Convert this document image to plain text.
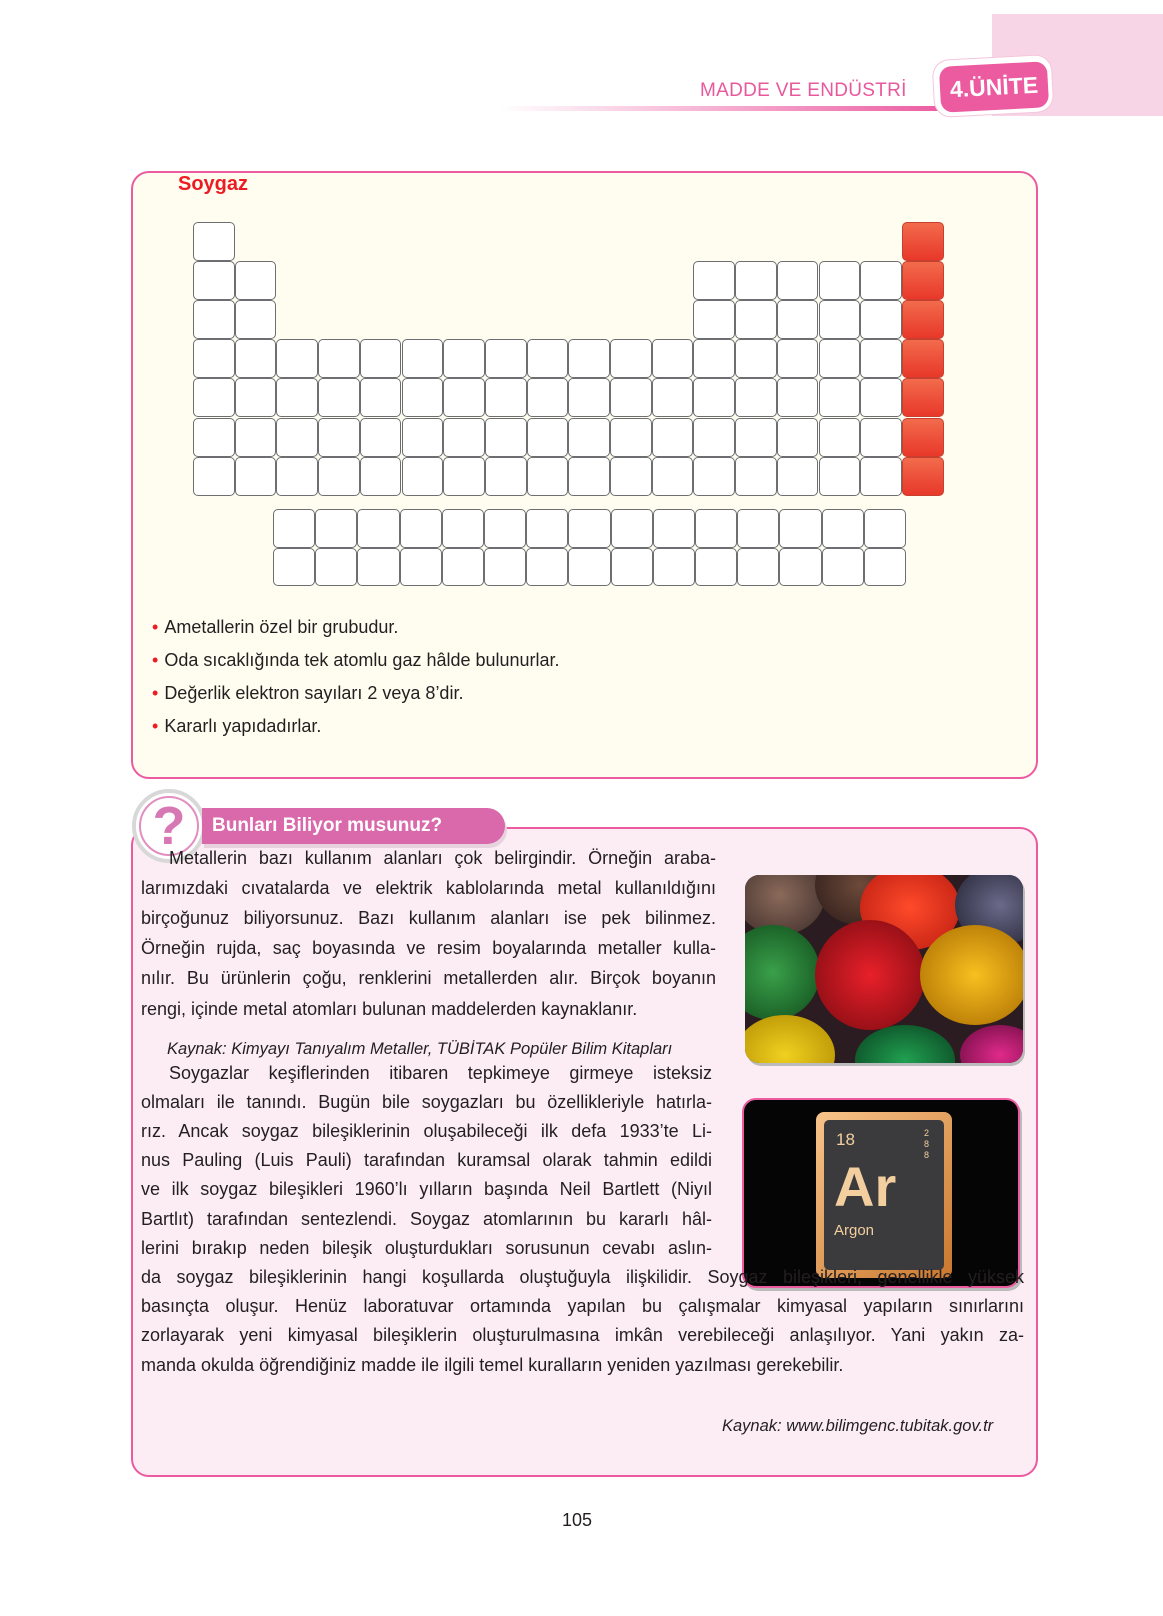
MADDE VE ENDÜSTRİ	4.ÜNİTE
Soygaz
• Ametallerin özel bir grubudur.
• Oda sıcaklığında tek atomlu gaz hâlde bulunurlar.
• Değerlik elektron sayıları 2 veya 8’dir.
• Kararlı yapıdadırlar.
?	Bunları Biliyor musunuz?
18	2
8
8
Ar
Argon
Metallerin bazı kullanım alanları çok belirgindir. Örneğin araba-
larımızdaki cıvatalarda ve elektrik kablolarında metal kullanıldığını
birçoğunuz biliyorsunuz. Bazı kullanım alanları ise pek bilinmez.
Örneğin rujda, saç boyasında ve resim boyalarında metaller kulla-
nılır. Bu ürünlerin çoğu, renklerini metallerden alır. Birçok boyanın
rengi, içinde metal atomları bulunan maddelerden kaynaklanır.
Soygazlar keşiflerinden itibaren tepkimeye girmeye isteksiz
olmaları ile tanındı. Bugün bile soygazları bu özellikleriyle hatırla-
rız. Ancak soygaz bileşiklerinin oluşabileceği ilk defa 1933’te Li-
nus Pauling (Luis Pauli) tarafından kuramsal olarak tahmin edildi
ve ilk soygaz bileşikleri 1960’lı yılların başında Neil Bartlett (Niyıl
Bartlıt) tarafından sentezlendi. Soygaz atomlarının bu kararlı hâl-
lerini bırakıp neden bileşik oluşturdukları sorusunun cevabı aslın-
da soygaz bileşiklerinin hangi koşullarda oluştuğuyla ilişkilidir. Soygaz bileşikleri, genellikle yüksek
basınçta oluşur. Henüz laboratuvar ortamında yapılan bu çalışmalar kimyasal yapıların sınırlarını
zorlayarak yeni kimyasal bileşiklerin oluşturulmasına imkân verebileceği anlaşılıyor. Yani yakın za-
manda okulda öğrendiğiniz madde ile ilgili temel kuralların yeniden yazılması gerekebilir.
Kaynak: Kimyayı Tanıyalım Metaller, TÜBİTAK Popüler Bilim Kitapları
Kaynak: www.bilimgenc.tubitak.gov.tr
105
